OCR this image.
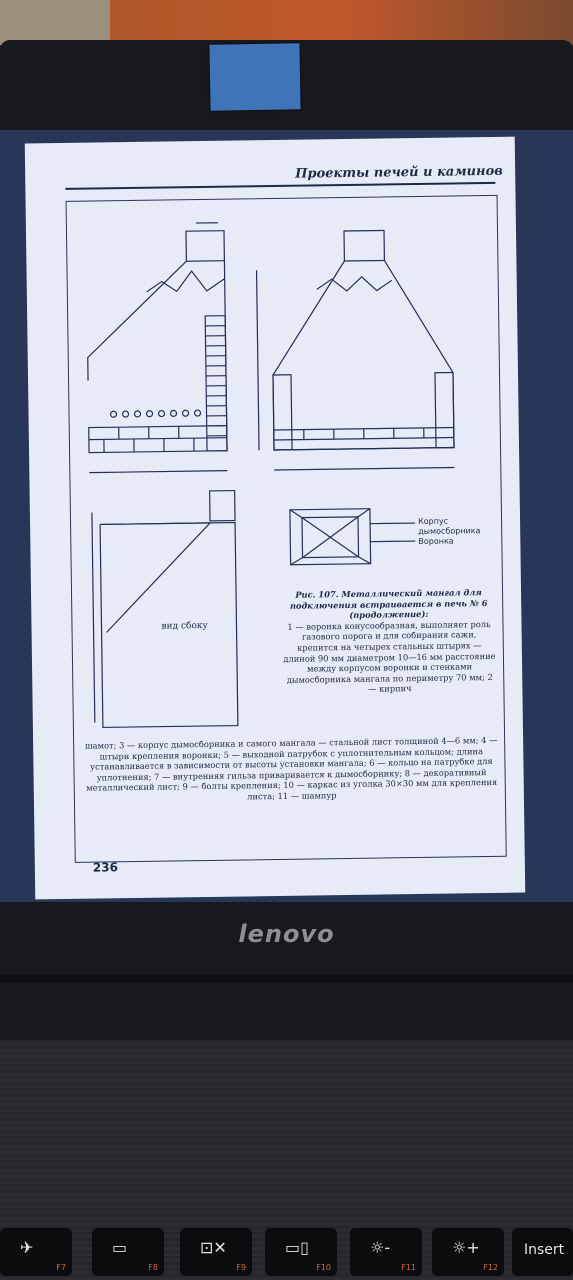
Проекты печей и каминов
Корпус
дымосборника
Воронка
вид сбоку
Рис. 107. Металлический мангал для подключения встраивается в печь № 6 (продолжение):
1 — воронка конусообразная, выполняет роль газового порога и для собирания сажи, крепится на четырех стальных штырях — длиной 90 мм диаметром 10—16 мм расстояние между корпусом воронки и стенками дымосборника мангала по периметру 70 мм; 2 — кирпич
шамот; 3 — корпус дымосборника и самого мангала — стальной лист толщиной 4—6 мм; 4 — штыри крепления воронки; 5 — выходной патрубок с уплотнительным кольцом; длина устанавливается в зависимости от высоты установки мангала; 6 — кольцо на патрубке для уплотнения; 7 — внутренняя гильза приваривается к дымосборнику; 8 — декоративный металлический лист; 9 — болты крепления; 10 — каркас из уголка 30×30 мм для крепления листа; 11 — шампур
236
lenovo
✈
F7
▭
F8
⊡✕
F9
▭▯
F10
☼-
F11
☼+
F12
Insert
